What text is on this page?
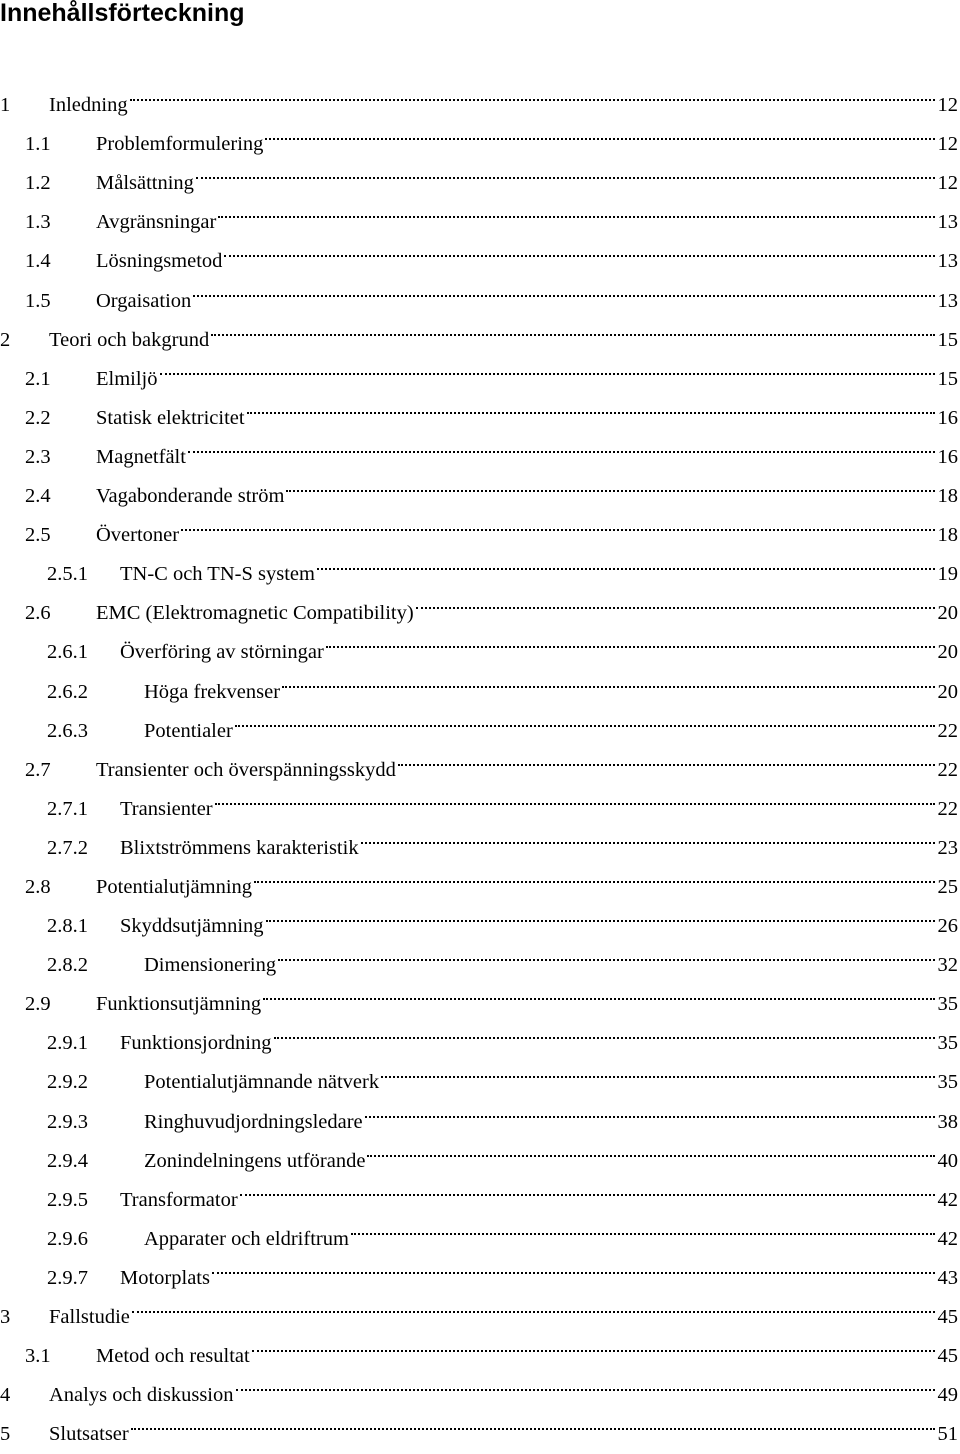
Innehållsförteckning
1	Inledning	12
1.1	Problemformulering	12
1.2	Målsättning	12
1.3	Avgränsningar	13
1.4	Lösningsmetod	13
1.5	Orgaisation	13
2	Teori och bakgrund	15
2.1	Elmiljö	15
2.2	Statisk elektricitet	16
2.3	Magnetfält	16
2.4	Vagabonderande ström	18
2.5	Övertoner	18
2.5.1	TN-C och TN-S system	19
2.6	EMC (Elektromagnetic Compatibility)	20
2.6.1	Överföring av störningar	20
2.6.2	Höga frekvenser	20
2.6.3	Potentialer	22
2.7	Transienter och överspänningsskydd	22
2.7.1	Transienter	22
2.7.2	Blixtströmmens karakteristik	23
2.8	Potentialutjämning	25
2.8.1	Skyddsutjämning	26
2.8.2	Dimensionering	32
2.9	Funktionsutjämning	35
2.9.1	Funktionsjordning	35
2.9.2	Potentialutjämnande nätverk	35
2.9.3	Ringhuvudjordningsledare	38
2.9.4	Zonindelningens utförande	40
2.9.5	Transformator	42
2.9.6	Apparater och eldriftrum	42
2.9.7	Motorplats	43
3	Fallstudie	45
3.1	Metod och resultat	45
4	Analys och diskussion	49
5	Slutsatser	51
